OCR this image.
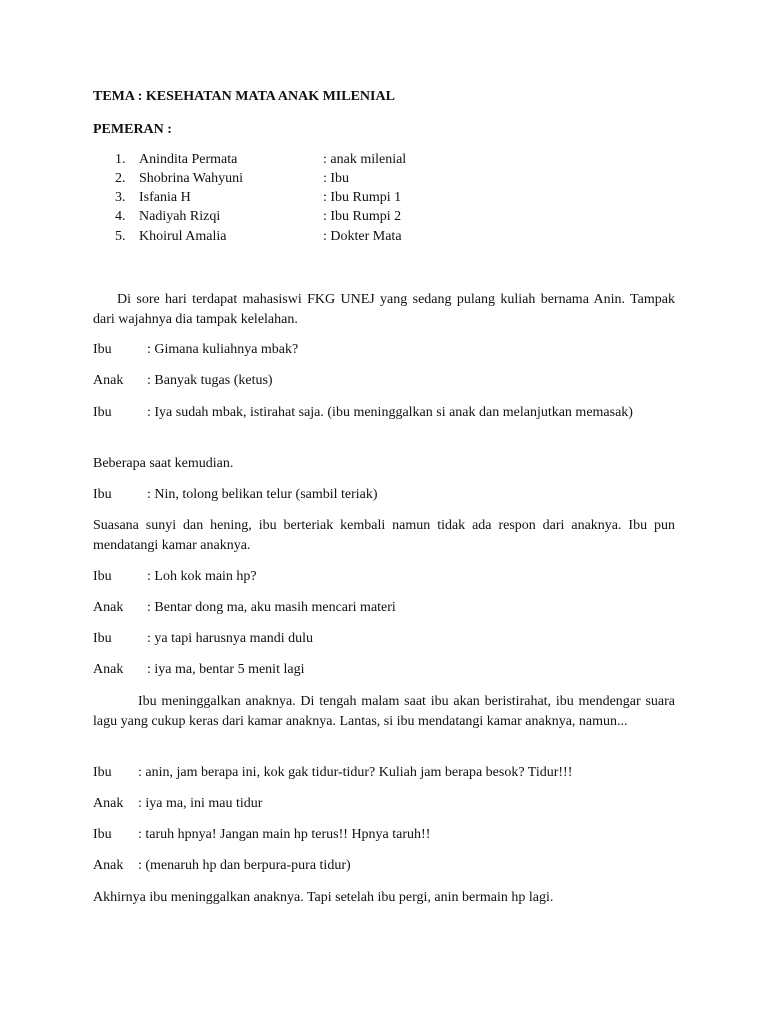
TEMA : KESEHATAN MATA ANAK MILENIAL
PEMERAN :
1. Anindita Permata	: anak milenial
2. Shobrina Wahyuni	: Ibu
3. Isfania H	: Ibu Rumpi 1
4. Nadiyah Rizqi	: Ibu Rumpi 2
5. Khoirul Amalia	: Dokter Mata
Di sore hari terdapat mahasiswi FKG UNEJ yang sedang pulang kuliah bernama Anin. Tampak dari wajahnya dia tampak kelelahan.
Ibu	: Gimana kuliahnya mbak?
Anak : Banyak tugas (ketus)
Ibu	: Iya sudah mbak, istirahat saja. (ibu meninggalkan si anak dan melanjutkan memasak)
Beberapa saat kemudian.
Ibu	: Nin, tolong belikan telur (sambil teriak)
Suasana sunyi dan hening, ibu berteriak kembali namun tidak ada respon dari anaknya. Ibu pun mendatangi kamar anaknya.
Ibu	: Loh kok main hp?
Anak : Bentar dong ma, aku masih mencari materi
Ibu	: ya tapi harusnya mandi dulu
Anak : iya ma, bentar 5 menit lagi
Ibu meninggalkan anaknya. Di tengah malam saat ibu akan beristirahat, ibu mendengar suara lagu yang cukup keras dari kamar anaknya. Lantas, si ibu mendatangi kamar anaknya, namun...
Ibu : anin, jam berapa ini, kok gak tidur-tidur? Kuliah jam berapa besok? Tidur!!!
Anak : iya ma, ini mau tidur
Ibu : taruh hpnya! Jangan main hp terus!! Hpnya taruh!!
Anak : (menaruh hp dan berpura-pura tidur)
Akhirnya ibu meninggalkan anaknya. Tapi setelah ibu pergi, anin bermain hp lagi.
